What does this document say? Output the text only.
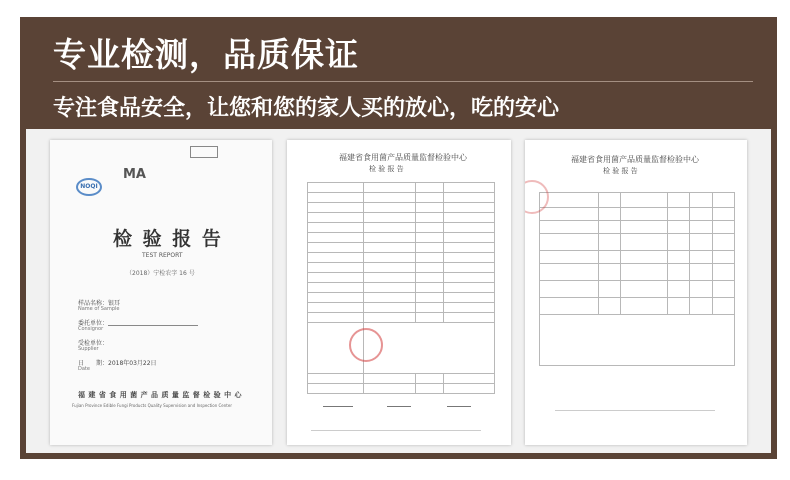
专业检测，品质保证
专注食品安全，让您和您的家人买的放心，吃的安心
NOQI
MA
检 验 报 告
TEST REPORT
（2018）宁检农字 16 号
样品名称：银耳
Name of Sample
委托单位：
Consignor
受检单位：
Supplier
日　　期：2018年03月22日
Date
福 建 省 食 用 菌 产 品 质 量 监 督 检 验 中 心
Fujian Province Edible Fungi Products Quality Supervision and Inspection Center
福建省食用菌产品质量监督检验中心
检 验 报 告

福建省食用菌产品质量监督检验中心
检 验 报 告
